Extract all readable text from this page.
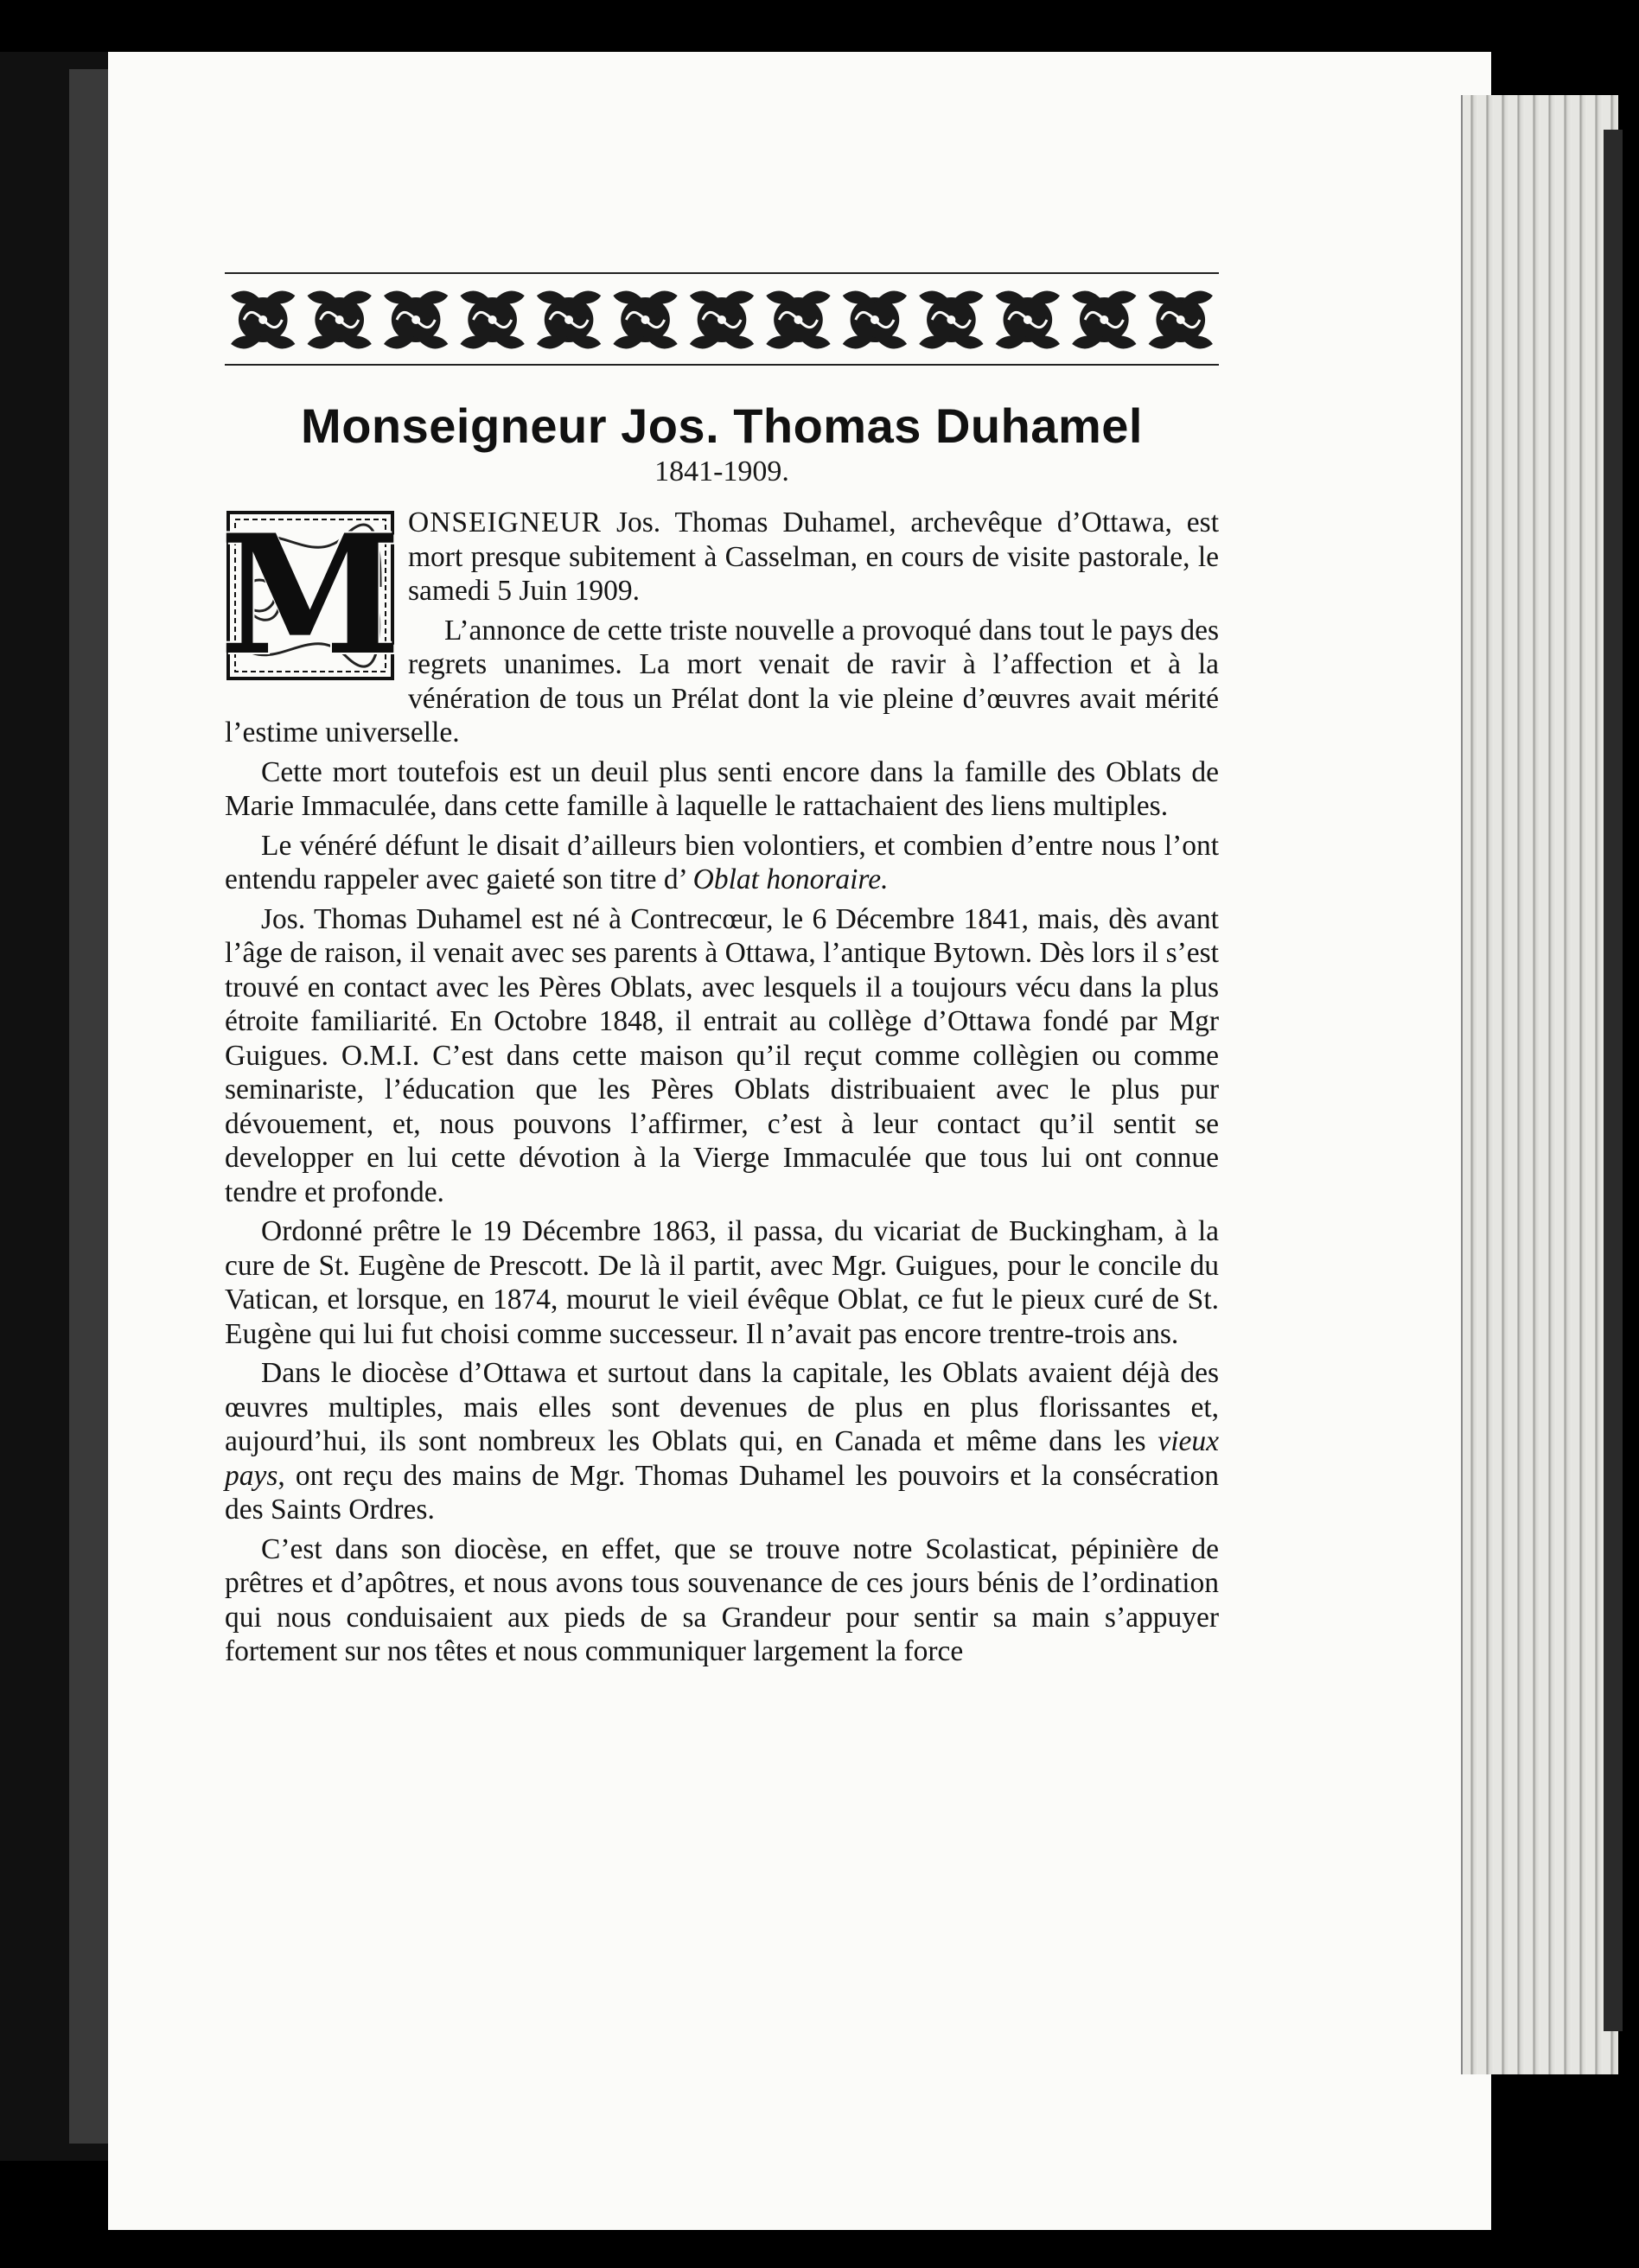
Monseigneur Jos. Thomas Duhamel
1841-1909.
M ONSEIGNEUR Jos. Thomas Duhamel, archevêque d’Ottawa, est mort presque subitement à Casselman, en cours de visite pastorale, le samedi 5 Juin 1909.

L’annonce de cette triste nouvelle a provoqué dans tout le pays des regrets unanimes. La mort venait de ravir à l’affection et à la vénération de tous un Prélat dont la vie pleine d’œuvres avait mérité l’estime universelle.

Cette mort toutefois est un deuil plus senti encore dans la famille des Oblats de Marie Immaculée, dans cette famille à laquelle le rattachaient des liens multiples.

Le vénéré défunt le disait d’ailleurs bien volontiers, et combien d’entre nous l’ont entendu rappeler avec gaieté son titre d’ Oblat honoraire.

Jos. Thomas Duhamel est né à Contrecœur, le 6 Décembre 1841, mais, dès avant l’âge de raison, il venait avec ses parents à Ottawa, l’antique Bytown. Dès lors il s’est trouvé en contact avec les Pères Oblats, avec lesquels il a toujours vécu dans la plus étroite familiarité. En Octobre 1848, il entrait au collège d’Ottawa fondé par Mgr Guigues. O.M.I. C’est dans cette maison qu’il reçut comme collègien ou comme seminariste, l’éducation que les Pères Oblats distribuaient avec le plus pur dévouement, et, nous pouvons l’affirmer, c’est à leur contact qu’il sentit se developper en lui cette dévotion à la Vierge Immaculée que tous lui ont connue tendre et profonde.

Ordonné prêtre le 19 Décembre 1863, il passa, du vicariat de Buckingham, à la cure de St. Eugène de Prescott. De là il partit, avec Mgr. Guigues, pour le concile du Vatican, et lorsque, en 1874, mourut le vieil évêque Oblat, ce fut le pieux curé de St. Eugène qui lui fut choisi comme successeur. Il n’avait pas encore trentre-trois ans.

Dans le diocèse d’Ottawa et surtout dans la capitale, les Oblats avaient déjà des œuvres multiples, mais elles sont devenues de plus en plus florissantes et, aujourd’hui, ils sont nombreux les Oblats qui, en Canada et même dans les vieux pays, ont reçu des mains de Mgr. Thomas Duhamel les pouvoirs et la consécration des Saints Ordres.

C’est dans son diocèse, en effet, que se trouve notre Scolasticat, pépinière de prêtres et d’apôtres, et nous avons tous souvenance de ces jours bénis de l’ordination qui nous conduisaient aux pieds de sa Grandeur pour sentir sa main s’appuyer fortement sur nos têtes et nous communiquer largement la force
